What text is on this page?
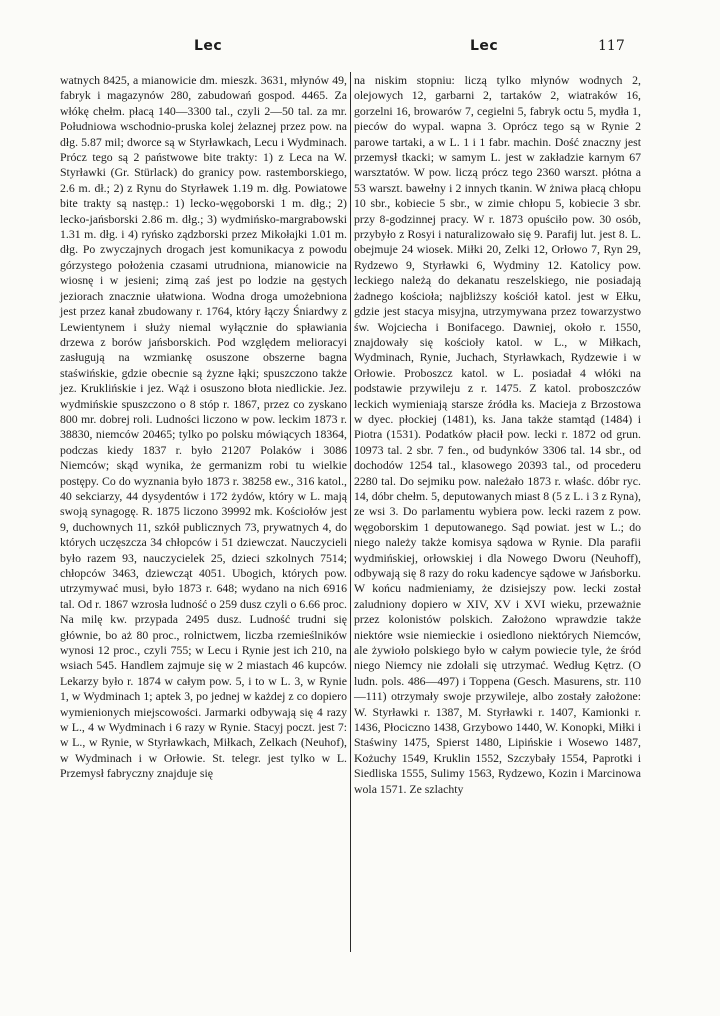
Lec	Lec	117

watnych 8425, a mianowicie dm. mieszk. 3631, młynów 49, fabryk i magazynów 280, zabudowań gospod. 4465. Za włókę chełm. płacą 140—3300 tal., czyli 2—50 tal. za mr. Południowa wschodnio-pruska kolej żelaznej przez pow. na dłg. 5.87 mil; dworce są w Styrławkach, Lecu i Wydminach. Prócz tego są 2 państwowe bite trakty: 1) z Leca na W. Styrławki (Gr. Stürlack) do granicy pow. rastemborskiego, 2.6 m. dł.; 2) z Rynu do Styrławek 1.19 m. dłg. Powiatowe bite trakty są następ.: 1) lecko-węgoborski 1 m. dłg.; 2) lecko-jańsborski 2.86 m. dłg.; 3) wydmińsko-margrabowski 1.31 m. dłg. i 4) ryńsko ządzborski przez Mikołajki 1.01 m. dłg. Po zwyczajnych drogach jest komunikacya z powodu górzystego położenia czasami utrudniona, mianowicie na wiosnę i w jesieni; zimą zaś jest po lodzie na gęstych jeziorach znacznie ułatwiona. Wodna droga umożebniona jest przez kanał zbudowany r. 1764, który łączy Śniardwy z Lewientynem i służy niemal wyłącznie do spławiania drzewa z borów jańsborskich. Pod względem melioracyi zasługują na wzmiankę osuszone obszerne bagna staświńskie, gdzie obecnie są żyzne łąki; spuszczono także jez. Kruklińskie i jez. Wąż i osuszono błota niedlickie. Jez. wydmińskie spuszczono o 8 stóp r. 1867, przez co zyskano 800 mr. dobrej roli. Ludności liczono w pow. leckim 1873 r. 38830, niemców 20465; tylko po polsku mówiących 18364, podczas kiedy 1837 r. było 21207 Polaków i 3086 Niemców; skąd wynika, że germanizm robi tu wielkie postępy. Co do wyznania było 1873 r. 38258 ew., 316 katol., 40 sekciarzy, 44 dysydentów i 172 żydów, który w L. mają swoją synagogę. R. 1875 liczono 39992 mk. Kościołów jest 9, duchownych 11, szkół publicznych 73, prywatnych 4, do których uczęszcza 34 chłopców i 51 dziewczat. Nauczycieli było razem 93, nauczycielek 25, dzieci szkolnych 7514; chłopców 3463, dziewcząt 4051. Ubogich, których pow. utrzymywać musi, było 1873 r. 648; wydano na nich 6916 tal. Od r. 1867 wzrosła ludność o 259 dusz czyli o 6.66 proc. Na milę kw. przypada 2495 dusz. Ludność trudni się głównie, bo aż 80 proc., rolnictwem, liczba rzemieślników wynosi 12 proc., czyli 755; w Lecu i Rynie jest ich 210, na wsiach 545. Handlem zajmuje się w 2 miastach 46 kupców. Lekarzy było r. 1874 w całym pow. 5, i to w L. 3, w Rynie 1, w Wydminach 1; aptek 3, po jednej w każdej z co dopiero wymienionych miejscowości. Jarmarki odbywają się 4 razy w L., 4 w Wydminach i 6 razy w Rynie. Stacyj poczt. jest 7: w L., w Rynie, w Styrławkach, Miłkach, Zelkach (Neuhof), w Wydminach i w Orłowie. St. telegr. jest tylko w L. Przemysł fabryczny znajduje się

na niskim stopniu: liczą tylko młynów wodnych 2, olejowych 12, garbarni 2, tartaków 2, wiatraków 16, gorzelni 16, browarów 7, cegielni 5, fabryk octu 5, mydła 1, pieców do wypal. wapna 3. Oprócz tego są w Rynie 2 parowe tartaki, a w L. 1 i 1 fabr. machin. Dość znaczny jest przemysł tkacki; w samym L. jest w zakładzie karnym 67 warsztatów. W pow. liczą prócz tego 2360 warszt. płótna a 53 warszt. bawełny i 2 innych tkanin. W żniwa płacą chłopu 10 sbr., kobiecie 5 sbr., w zimie chłopu 5, kobiecie 3 sbr. przy 8-godzinnej pracy. W r. 1873 opuściło pow. 30 osób, przybyło z Rosyi i naturalizowało się 9. Parafij lut. jest 8. L. obejmuje 24 wiosek. Miłki 20, Zelki 12, Orłowo 7, Ryn 29, Rydzewo 9, Styrławki 6, Wydminy 12. Katolicy pow. leckiego należą do dekanatu reszelskiego, nie posiadają żadnego kościoła; najbliższy kościół katol. jest w Ełku, gdzie jest stacya misyjna, utrzymywana przez towarzystwo św. Wojciecha i Bonifacego. Dawniej, około r. 1550, znajdowały się kościoły katol. w L., w Miłkach, Wydminach, Rynie, Juchach, Styrławkach, Rydzewie i w Orłowie. Proboszcz katol. w L. posiadał 4 włóki na podstawie przywileju z r. 1475. Z katol. proboszczów leckich wymieniają starsze źródła ks. Macieja z Brzostowa w dyec. płockiej (1481), ks. Jana także stamtąd (1484) i Piotra (1531). Podatków płacił pow. lecki r. 1872 od grun. 10973 tal. 2 sbr. 7 fen., od budynków 3306 tal. 14 sbr., od dochodów 1254 tal., klasowego 20393 tal., od procederu 2280 tal. Do sejmiku pow. należało 1873 r. właśc. dóbr ryc. 14, dóbr chełm. 5, deputowanych miast 8 (5 z L. i 3 z Ryna), ze wsi 3. Do parlamentu wybiera pow. lecki razem z pow. węgoborskim 1 deputowanego. Sąd powiat. jest w L.; do niego należy także komisya sądowa w Rynie. Dla parafii wydmińskiej, orłowskiej i dla Nowego Dworu (Neuhoff), odbywają się 8 razy do roku kadencye sądowe w Jańsborku. W końcu nadmieniamy, że dzisiejszy pow. lecki został zaludniony dopiero w XIV, XV i XVI wieku, przeważnie przez kolonistów polskich. Założono wprawdzie także niektóre wsie niemieckie i osiedlono niektórych Niemców, ale żywioło polskiego było w całym powiecie tyle, że śród niego Niemcy nie zdołali się utrzymać. Według Kętrz. (O ludn. pols. 486—497) i Toppena (Gesch. Masurens, str. 110—111) otrzymały swoje przywileje, albo zostały założone: W. Styrławki r. 1387, M. Styrławki r. 1407, Kamionki r. 1436, Płociczno 1438, Grzybowo 1440, W. Konopki, Miłki i Staświny 1475, Spierst 1480, Lipińskie i Wosewo 1487, Kożuchy 1549, Kruklin 1552, Szczybały 1554, Paprotki i Siedliska 1555, Sulimy 1563, Rydzewo, Kozin i Marcinowa wola 1571. Ze szlachty
